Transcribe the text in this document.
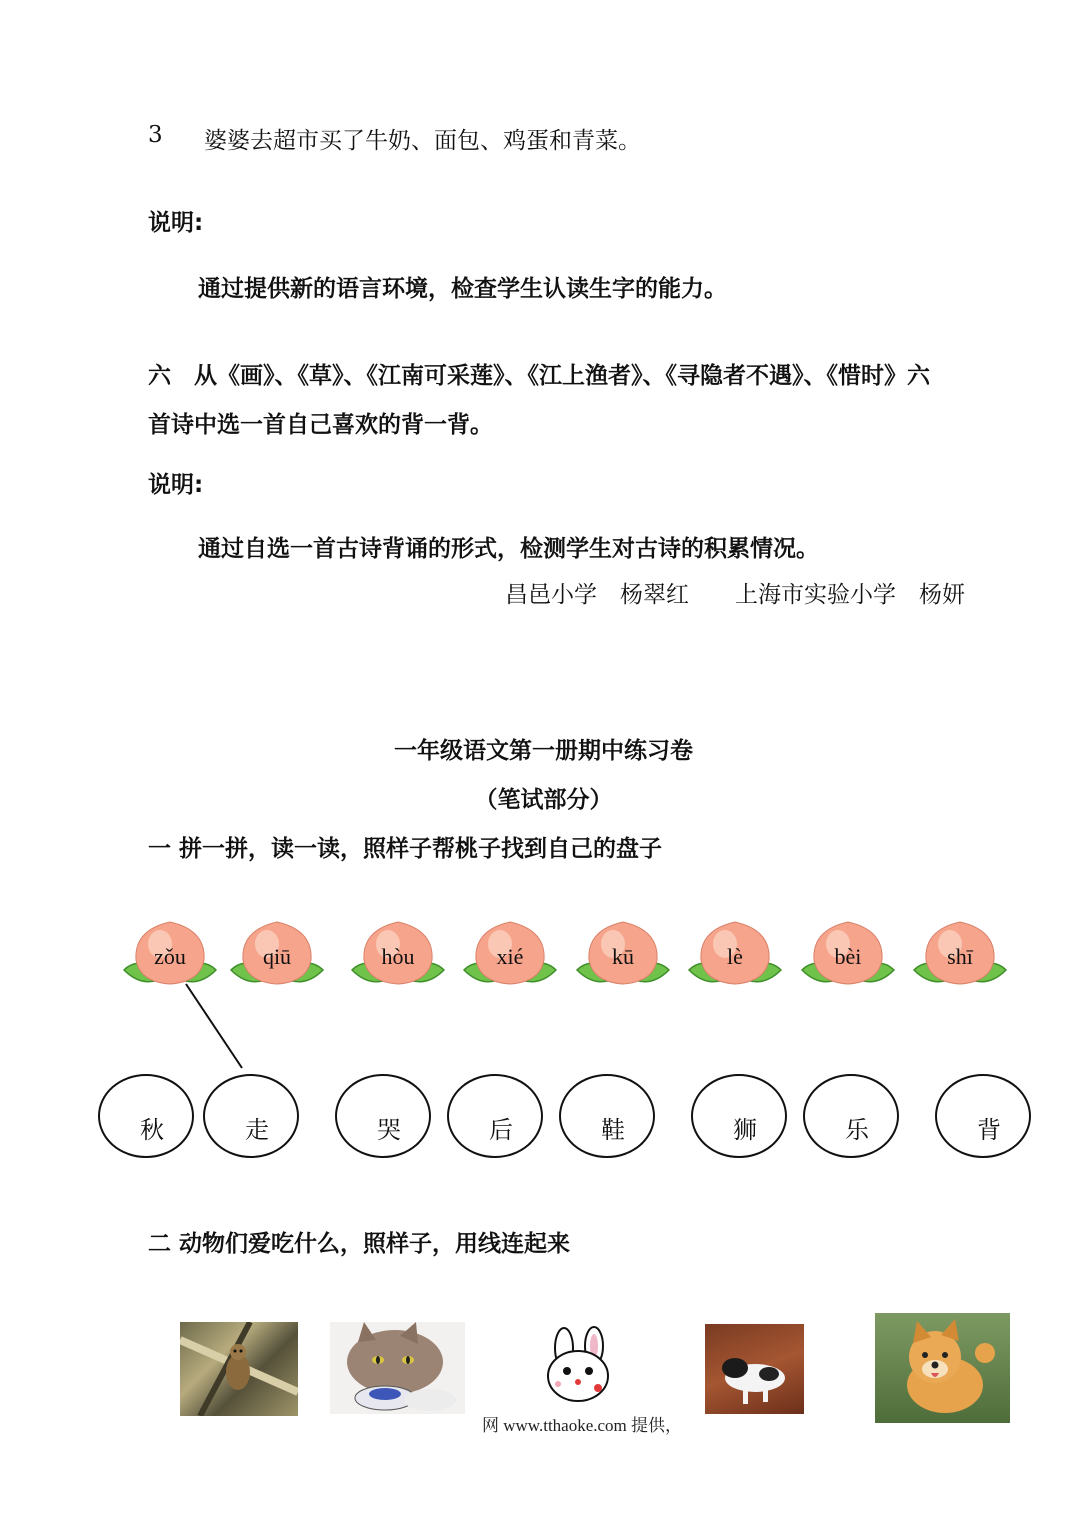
3 婆婆去超市买了牛奶、面包、鸡蛋和青菜。
说明:
通过提供新的语言环境，检查学生认读生字的能力。
六　从《画》、《草》、《江南可采莲》、《江上渔者》、《寻隐者不遇》、《惜时》六
首诗中选一首自己喜欢的背一背。
说明:
通过自选一首古诗背诵的形式，检测学生对古诗的积累情况。
昌邑小学　杨翠红　　上海市实验小学　杨妍
一年级语文第一册期中练习卷
（笔试部分）
一 拼一拼，读一读，照样子帮桃子找到自己的盘子
zǒu	qiū	hòu	xié	kū	lè	bèi	shī
秋	走	哭	后	鞋	狮	乐	背
二 动物们爱吃什么，照样子，用线连起来
网 www.tthaoke.com 提供，
